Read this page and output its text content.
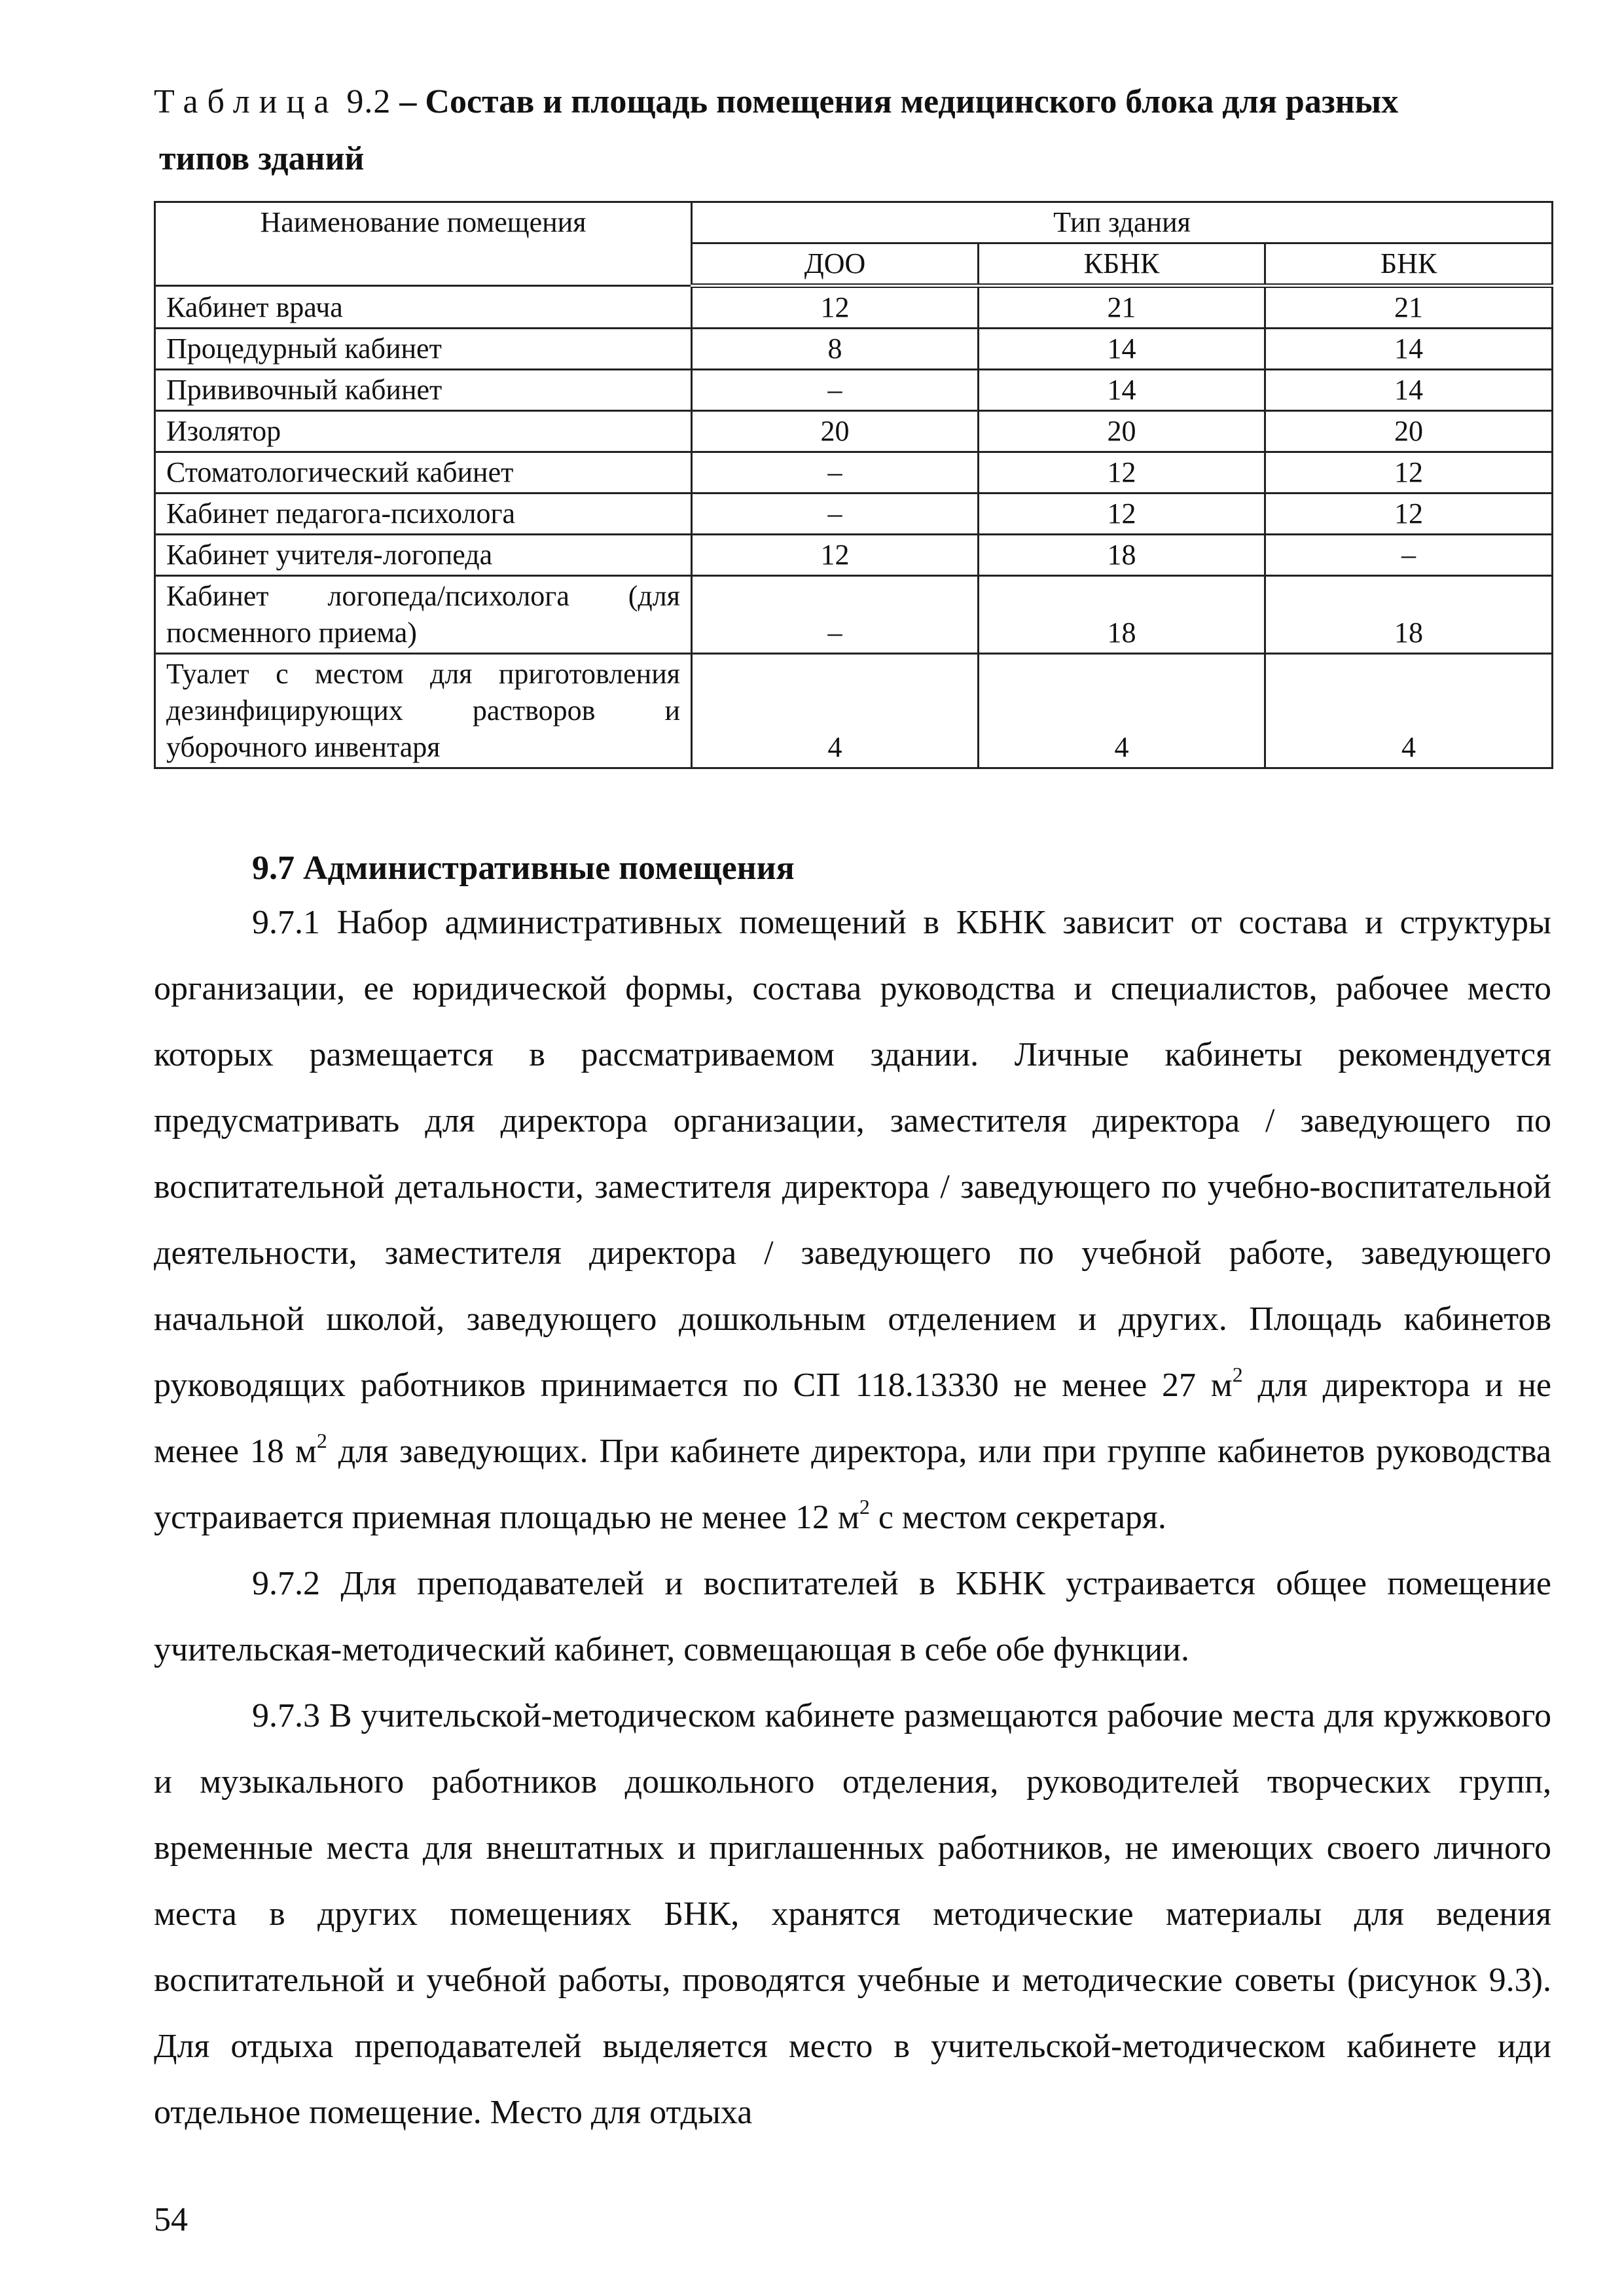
Таблица 9.2 – Состав и площадь помещения медицинского блока для разных

типов зданий

Наименование помещения	Тип здания		
	ДОО	КБНК	БНК
Кабинет врача	12	21	21
Процедурный кабинет	8	14	14
Прививочный кабинет	–	14	14
Изолятор	20	20	20
Стоматологический кабинет	–	12	12
Кабинет педагога-психолога	–	12	12
Кабинет учителя-логопеда	12	18	–
Кабинет логопеда/психолога (для посменного приема)	–	18	18
Туалет с местом для приготовления дезинфицирующих растворов и уборочного инвентаря	4	4	4
9.7 Административные помещения

9.7.1 Набор административных помещений в КБНК зависит от состава и структуры организации, ее юридической формы, состава руководства и специалистов, рабочее место которых размещается в рассматриваемом здании. Личные кабинеты рекомендуется предусматривать для директора организации, заместителя директора / заведующего по воспитательной детальности, заместителя директора / заведующего по учебно-воспитательной деятельности, заместителя директора / заведующего по учебной работе, заведующего начальной школой, заведующего дошкольным отделением и других. Площадь кабинетов руководящих работников принимается по СП 118.13330 не менее 27 $м^2$ для директора и не менее 18 $м^2$ для заведующих. При кабинете директора, или при группе кабинетов руководства устраивается приемная площадью не менее 12 $м^2$ с местом секретаря.

9.7.2 Для преподавателей и воспитателей в КБНК устраивается общее помещение учительская-методический кабинет, совмещающая в себе обе функции.

9.7.3 В учительской-методическом кабинете размещаются рабочие места для кружкового и музыкального работников дошкольного отделения, руководителей творческих групп, временные места для внештатных и приглашенных работников, не имеющих своего личного места в других помещениях БНК, хранятся методические материалы для ведения воспитательной и учебной работы, проводятся учебные и методические советы (рисунок 9.3). Для отдыха преподавателей выделяется место в учительской-методическом кабинете иди отдельное помещение. Место для отдыха

54
